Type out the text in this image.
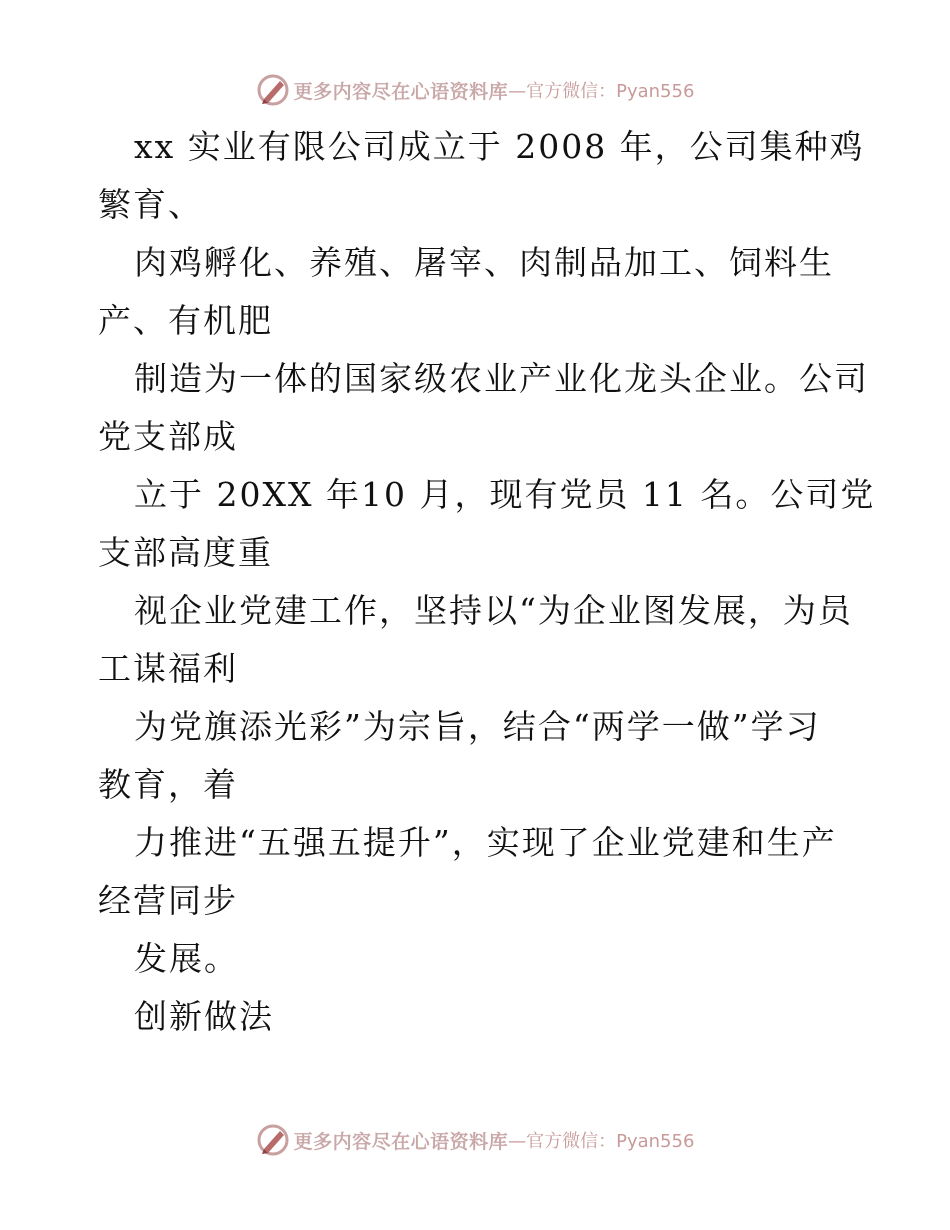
更多内容尽在心语资料库 —官方微信：Pyan556
xx 实业有限公司成立于 2008 年，公司集种鸡
繁育、
肉鸡孵化、养殖、屠宰、肉制品加工、饲料生
产、有机肥
制造为一体的国家级农业产业化龙头企业。公司
党支部成
立于 20XX 年10 月，现有党员 11 名。公司党
支部高度重
视企业党建工作，坚持以“为企业图发展，为员
工谋福利
为党旗添光彩”为宗旨，结合“两学一做”学习
教育，着
力推进“五强五提升”，实现了企业党建和生产
经营同步
发展。
创新做法
更多内容尽在心语资料库 —官方微信：Pyan556
